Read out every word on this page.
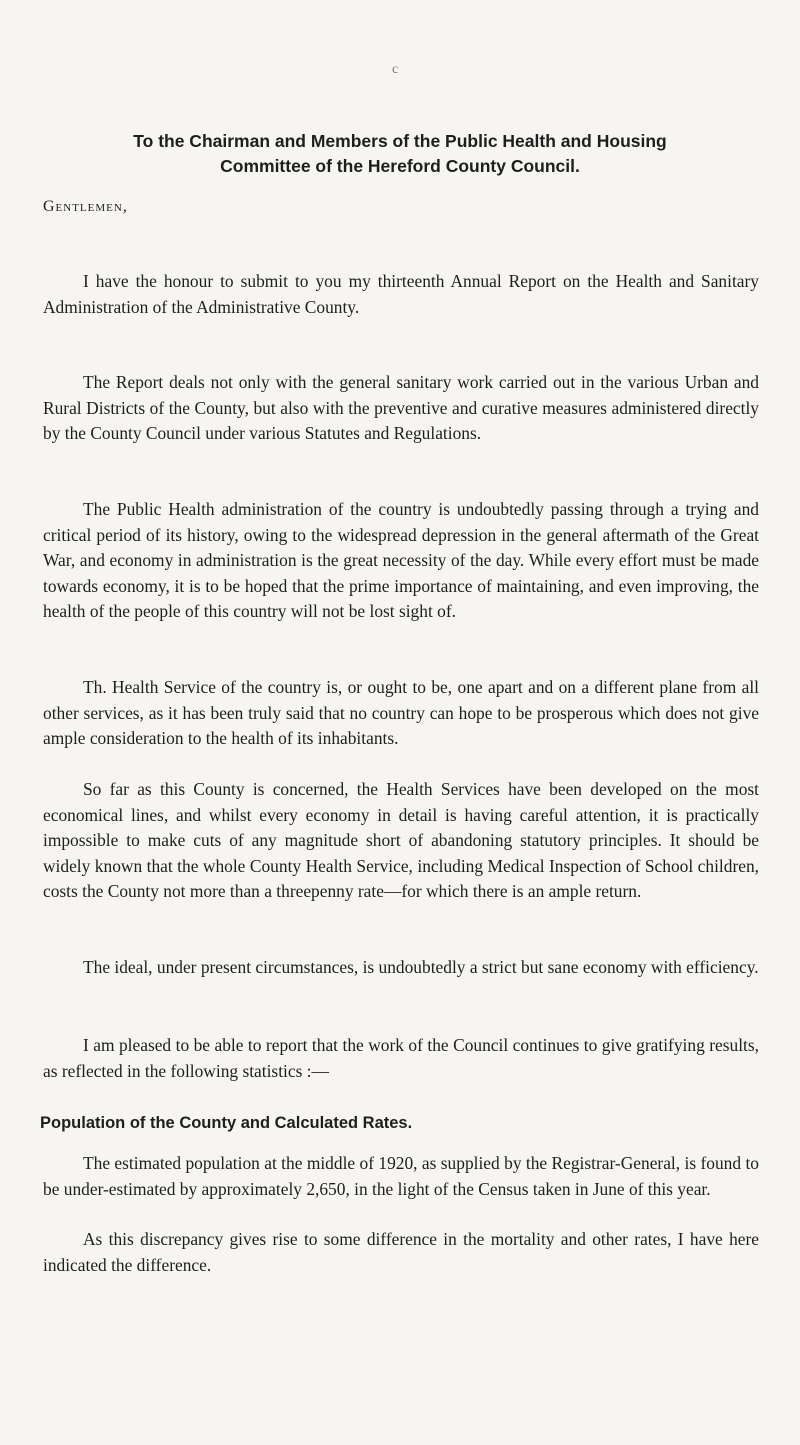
c
To the Chairman and Members of the Public Health and Housing
Committee of the Hereford County Council.

Gentlemen,

I have the honour to submit to you my thirteenth Annual Report on the Health and Sanitary Administration of the Administrative County.

The Report deals not only with the general sanitary work carried out in the various Urban and Rural Districts of the County, but also with the preventive and curative measures administered directly by the County Council under various Statutes and Regulations.

The Public Health administration of the country is undoubtedly passing through a trying and critical period of its history, owing to the widespread depression in the general aftermath of the Great War, and economy in administration is the great necessity of the day. While every effort must be made towards economy, it is to be hoped that the prime importance of maintaining, and even improving, the health of the people of this country will not be lost sight of.

Th. Health Service of the country is, or ought to be, one apart and on a different plane from all other services, as it has been truly said that no country can hope to be prosperous which does not give ample consideration to the health of its inhabitants.

So far as this County is concerned, the Health Services have been developed on the most economical lines, and whilst every economy in detail is having careful attention, it is practically impossible to make cuts of any magnitude short of abandoning statutory principles. It should be widely known that the whole County Health Service, including Medical Inspection of School children, costs the County not more than a threepenny rate—for which there is an ample return.

The ideal, under present circumstances, is undoubtedly a strict but sane economy with efficiency.

I am pleased to be able to report that the work of the Council continues to give gratifying results, as reflected in the following statistics :—

Population of the County and Calculated Rates.

The estimated population at the middle of 1920, as supplied by the Registrar-General, is found to be under-estimated by approximately 2,650, in the light of the Census taken in June of this year.

As this discrepancy gives rise to some difference in the mortality and other rates, I have here indicated the difference.
